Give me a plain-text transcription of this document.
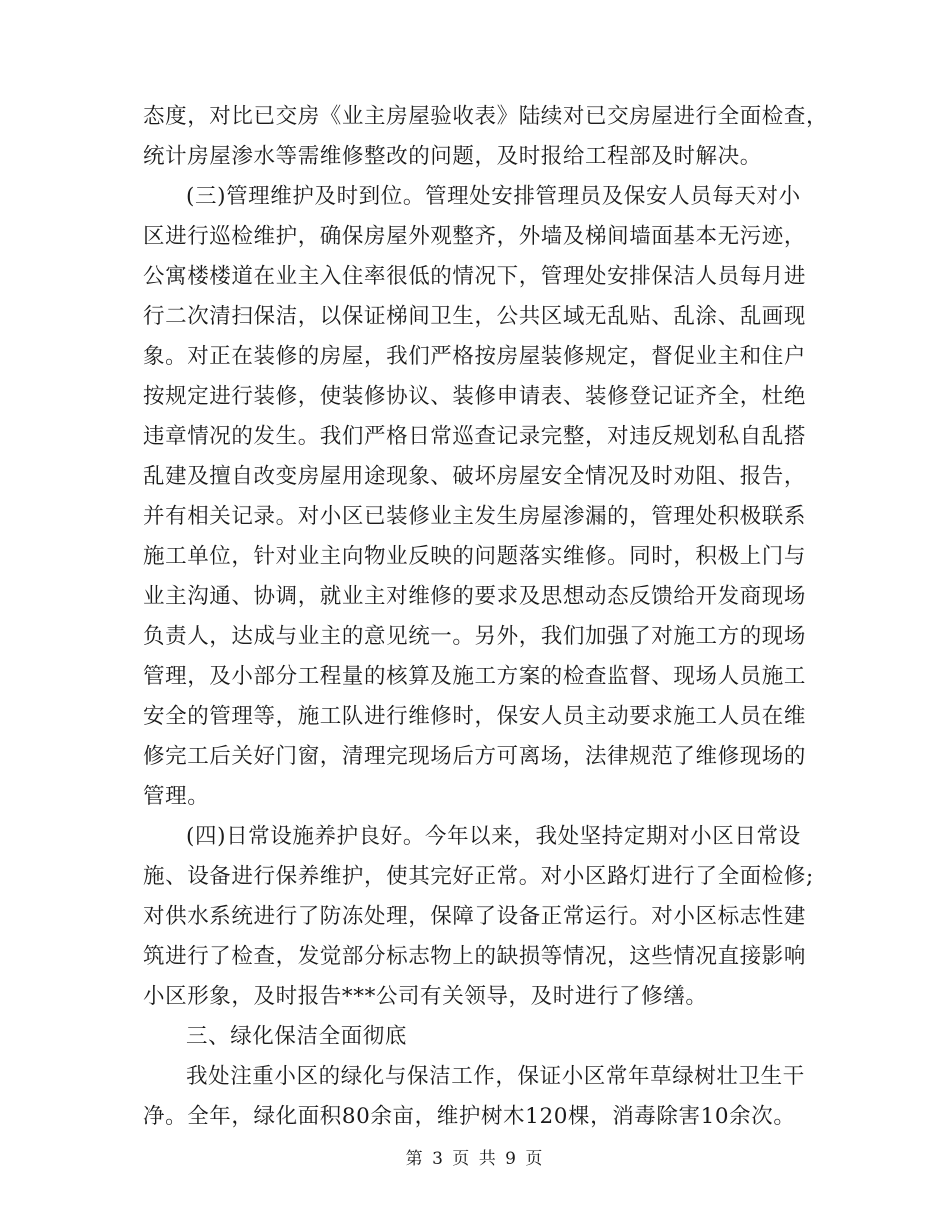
态度，对比已交房《业主房屋验收表》陆续对已交房屋进行全面检查，
统计房屋渗水等需维修整改的问题，及时报给工程部及时解决。
(三)管理维护及时到位。管理处安排管理员及保安人员每天对小
区进行巡检维护，确保房屋外观整齐，外墙及梯间墙面基本无污迹，
公寓楼楼道在业主入住率很低的情况下，管理处安排保洁人员每月进
行二次清扫保洁，以保证梯间卫生，公共区域无乱贴、乱涂、乱画现
象。对正在装修的房屋，我们严格按房屋装修规定，督促业主和住户
按规定进行装修，使装修协议、装修申请表、装修登记证齐全，杜绝
违章情况的发生。我们严格日常巡查记录完整，对违反规划私自乱搭
乱建及擅自改变房屋用途现象、破坏房屋安全情况及时劝阻、报告，
并有相关记录。对小区已装修业主发生房屋渗漏的，管理处积极联系
施工单位，针对业主向物业反映的问题落实维修。同时，积极上门与
业主沟通、协调，就业主对维修的要求及思想动态反馈给开发商现场
负责人，达成与业主的意见统一。另外，我们加强了对施工方的现场
管理，及小部分工程量的核算及施工方案的检查监督、现场人员施工
安全的管理等，施工队进行维修时，保安人员主动要求施工人员在维
修完工后关好门窗，清理完现场后方可离场，法律规范了维修现场的
管理。
(四)日常设施养护良好。今年以来，我处坚持定期对小区日常设
施、设备进行保养维护，使其完好正常。对小区路灯进行了全面检修;
对供水系统进行了防冻处理，保障了设备正常运行。对小区标志性建
筑进行了检查，发觉部分标志物上的缺损等情况，这些情况直接影响
小区形象，及时报告***公司有关领导，及时进行了修缮。
三、绿化保洁全面彻底
我处注重小区的绿化与保洁工作，保证小区常年草绿树壮卫生干
净。全年，绿化面积80余亩，维护树木120棵，消毒除害10余次。
第 3 页 共 9 页
